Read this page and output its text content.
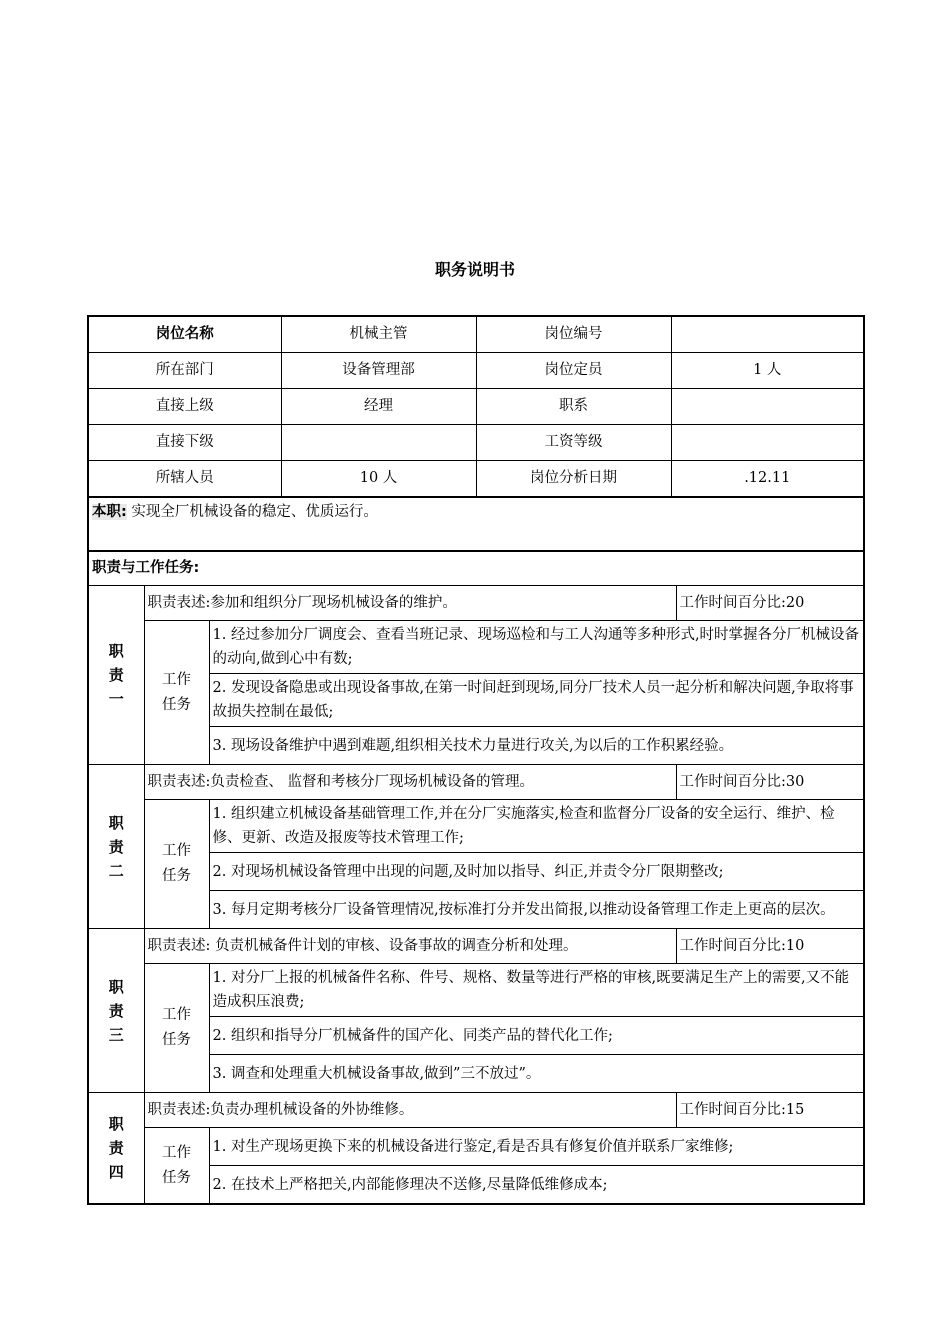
职务说明书
岗位名称	机械主管	岗位编号	
所在部门	设备管理部	岗位定员	1 人
直接上级	经理	职系	
直接下级		工资等级	
所辖人员	10 人	岗位分析日期	.12.11
本职: 实现全厂机械设备的稳定、优质运行。			
职责与工作任务:			

职
责
一	职责表述:参加和组织分厂现场机械设备的维护。		工作时间百分比:20

	工作
任务	1. 经过参加分厂调度会、查看当班记录、现场巡检和与工人沟通等多种形式,时时掌握各分厂机械设备的动向,做到心中有数;	
		2. 发现设备隐患或出现设备事故,在第一时间赶到现场,同分厂技术人员一起分析和解决问题,争取将事故损失控制在最低;	
		3. 现场设备维护中遇到难题,组织相关技术力量进行攻关,为以后的工作积累经验。	

职
责
二	职责表述:负责检查、 监督和考核分厂现场机械设备的管理。		工作时间百分比:30

	工作
任务	1. 组织建立机械设备基础管理工作,并在分厂实施落实,检查和监督分厂设备的安全运行、维护、检修、更新、改造及报废等技术管理工作;	
		2. 对现场机械设备管理中出现的问题,及时加以指导、纠正,并责令分厂限期整改;	
		3. 每月定期考核分厂设备管理情况,按标准打分并发出简报,以推动设备管理工作走上更高的层次。	

职
责
三	职责表述: 负责机械备件计划的审核、设备事故的调查分析和处理。		工作时间百分比:10

	工作
任务	1. 对分厂上报的机械备件名称、件号、规格、数量等进行严格的审核,既要满足生产上的需要,又不能造成积压浪费;	
		2. 组织和指导分厂机械备件的国产化、同类产品的替代化工作;	
		3. 调查和处理重大机械设备事故,做到”三不放过”。	

职
责
四	职责表述:负责办理机械设备的外协维修。		工作时间百分比:15

	工作
任务	1. 对生产现场更换下来的机械设备进行鉴定,看是否具有修复价值并联系厂家维修;	
		2. 在技术上严格把关,内部能修理决不送修,尽量降低维修成本;	
